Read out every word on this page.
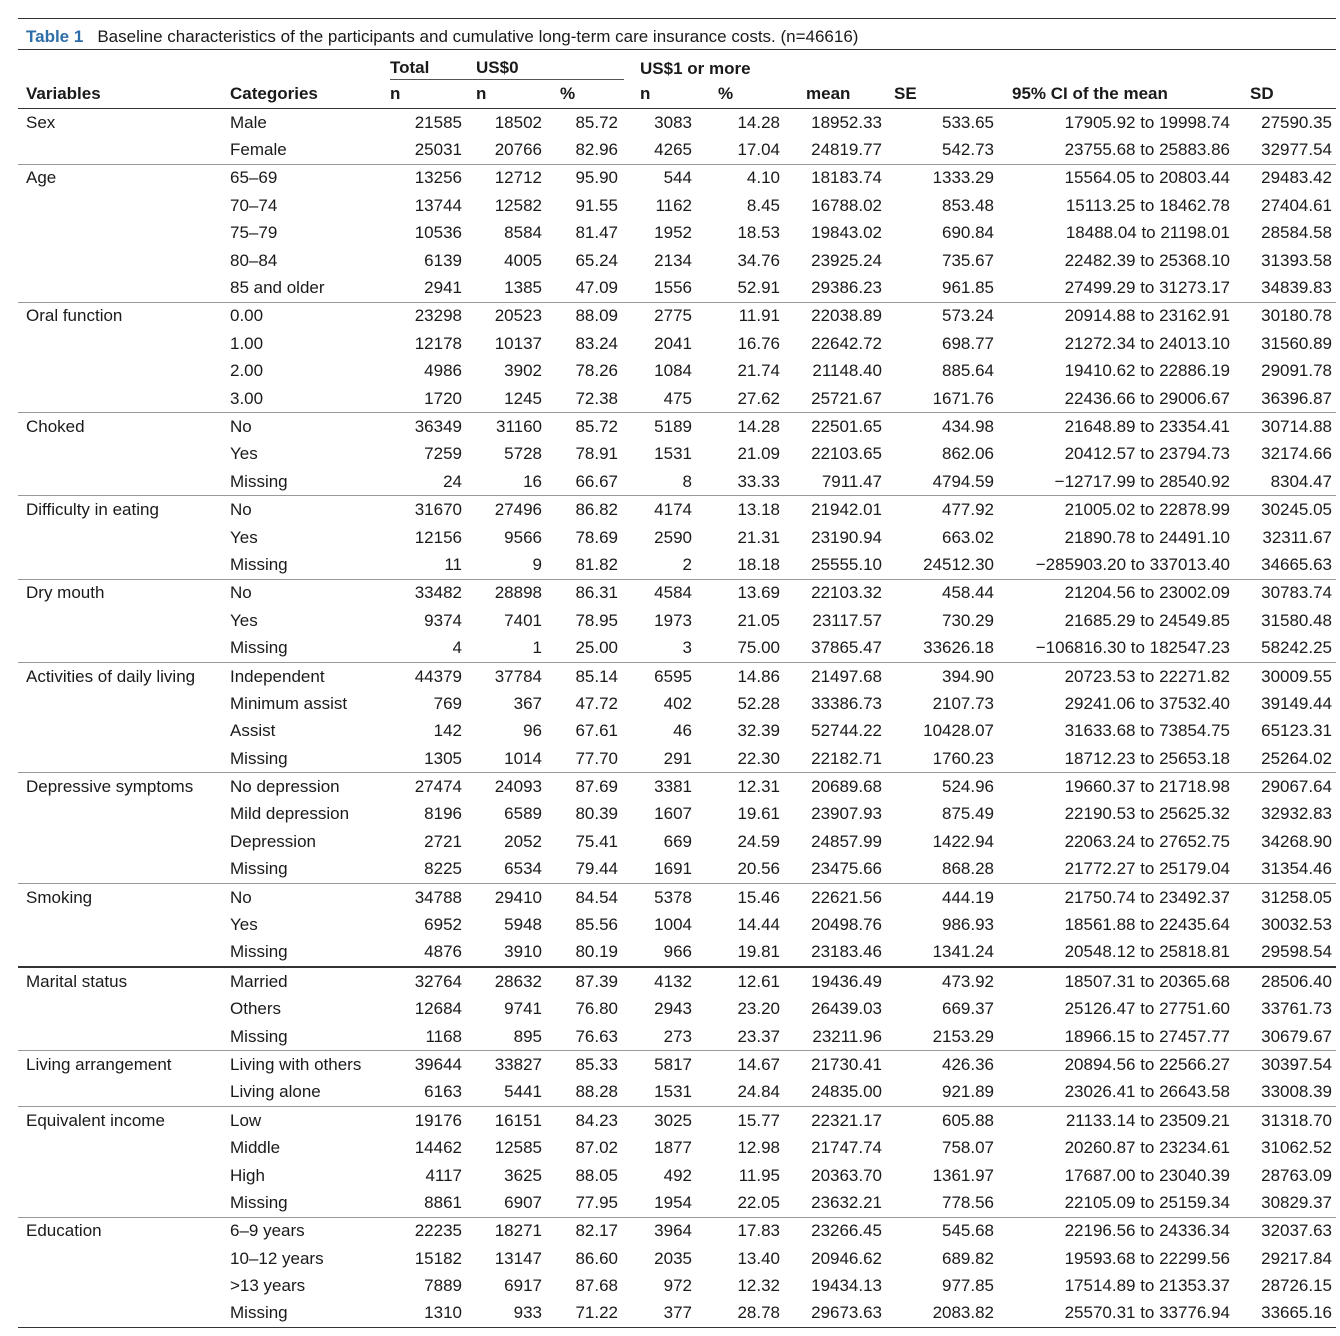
Table 1 Baseline characteristics of the participants and cumulative long-term care insurance costs. (n=46616)
		Total	US$0		US$1 or more					
Variables	Categories	n	n	%	n	%	mean	SE	95% CI of the mean	SD
Sex	Male	21585	18502	85.72	3083	14.28	18952.33	533.65	17905.92 to 19998.74	27590.35
	Female	25031	20766	82.96	4265	17.04	24819.77	542.73	23755.68 to 25883.86	32977.54
Age	65–69	13256	12712	95.90	544	4.10	18183.74	1333.29	15564.05 to 20803.44	29483.42
	70–74	13744	12582	91.55	1162	8.45	16788.02	853.48	15113.25 to 18462.78	27404.61
	75–79	10536	8584	81.47	1952	18.53	19843.02	690.84	18488.04 to 21198.01	28584.58
	80–84	6139	4005	65.24	2134	34.76	23925.24	735.67	22482.39 to 25368.10	31393.58
	85 and older	2941	1385	47.09	1556	52.91	29386.23	961.85	27499.29 to 31273.17	34839.83
Oral function	0.00	23298	20523	88.09	2775	11.91	22038.89	573.24	20914.88 to 23162.91	30180.78
	1.00	12178	10137	83.24	2041	16.76	22642.72	698.77	21272.34 to 24013.10	31560.89
	2.00	4986	3902	78.26	1084	21.74	21148.40	885.64	19410.62 to 22886.19	29091.78
	3.00	1720	1245	72.38	475	27.62	25721.67	1671.76	22436.66 to 29006.67	36396.87
Choked	No	36349	31160	85.72	5189	14.28	22501.65	434.98	21648.89 to 23354.41	30714.88
	Yes	7259	5728	78.91	1531	21.09	22103.65	862.06	20412.57 to 23794.73	32174.66
	Missing	24	16	66.67	8	33.33	7911.47	4794.59	−12717.99 to 28540.92	8304.47
Difficulty in eating	No	31670	27496	86.82	4174	13.18	21942.01	477.92	21005.02 to 22878.99	30245.05
	Yes	12156	9566	78.69	2590	21.31	23190.94	663.02	21890.78 to 24491.10	32311.67
	Missing	11	9	81.82	2	18.18	25555.10	24512.30	−285903.20 to 337013.40	34665.63
Dry mouth	No	33482	28898	86.31	4584	13.69	22103.32	458.44	21204.56 to 23002.09	30783.74
	Yes	9374	7401	78.95	1973	21.05	23117.57	730.29	21685.29 to 24549.85	31580.48
	Missing	4	1	25.00	3	75.00	37865.47	33626.18	−106816.30 to 182547.23	58242.25
Activities of daily living	Independent	44379	37784	85.14	6595	14.86	21497.68	394.90	20723.53 to 22271.82	30009.55
	Minimum assist	769	367	47.72	402	52.28	33386.73	2107.73	29241.06 to 37532.40	39149.44
	Assist	142	96	67.61	46	32.39	52744.22	10428.07	31633.68 to 73854.75	65123.31
	Missing	1305	1014	77.70	291	22.30	22182.71	1760.23	18712.23 to 25653.18	25264.02
Depressive symptoms	No depression	27474	24093	87.69	3381	12.31	20689.68	524.96	19660.37 to 21718.98	29067.64
	Mild depression	8196	6589	80.39	1607	19.61	23907.93	875.49	22190.53 to 25625.32	32932.83
	Depression	2721	2052	75.41	669	24.59	24857.99	1422.94	22063.24 to 27652.75	34268.90
	Missing	8225	6534	79.44	1691	20.56	23475.66	868.28	21772.27 to 25179.04	31354.46
Smoking	No	34788	29410	84.54	5378	15.46	22621.56	444.19	21750.74 to 23492.37	31258.05
	Yes	6952	5948	85.56	1004	14.44	20498.76	986.93	18561.88 to 22435.64	30032.53
	Missing	4876	3910	80.19	966	19.81	23183.46	1341.24	20548.12 to 25818.81	29598.54
Marital status	Married	32764	28632	87.39	4132	12.61	19436.49	473.92	18507.31 to 20365.68	28506.40
	Others	12684	9741	76.80	2943	23.20	26439.03	669.37	25126.47 to 27751.60	33761.73
	Missing	1168	895	76.63	273	23.37	23211.96	2153.29	18966.15 to 27457.77	30679.67
Living arrangement	Living with others	39644	33827	85.33	5817	14.67	21730.41	426.36	20894.56 to 22566.27	30397.54
	Living alone	6163	5441	88.28	1531	24.84	24835.00	921.89	23026.41 to 26643.58	33008.39
Equivalent income	Low	19176	16151	84.23	3025	15.77	22321.17	605.88	21133.14 to 23509.21	31318.70
	Middle	14462	12585	87.02	1877	12.98	21747.74	758.07	20260.87 to 23234.61	31062.52
	High	4117	3625	88.05	492	11.95	20363.70	1361.97	17687.00 to 23040.39	28763.09
	Missing	8861	6907	77.95	1954	22.05	23632.21	778.56	22105.09 to 25159.34	30829.37
Education	6–9 years	22235	18271	82.17	3964	17.83	23266.45	545.68	22196.56 to 24336.34	32037.63
	10–12 years	15182	13147	86.60	2035	13.40	20946.62	689.82	19593.68 to 22299.56	29217.84
	>13 years	7889	6917	87.68	972	12.32	19434.13	977.85	17514.89 to 21353.37	28726.15
	Missing	1310	933	71.22	377	28.78	29673.63	2083.82	25570.31 to 33776.94	33665.16
